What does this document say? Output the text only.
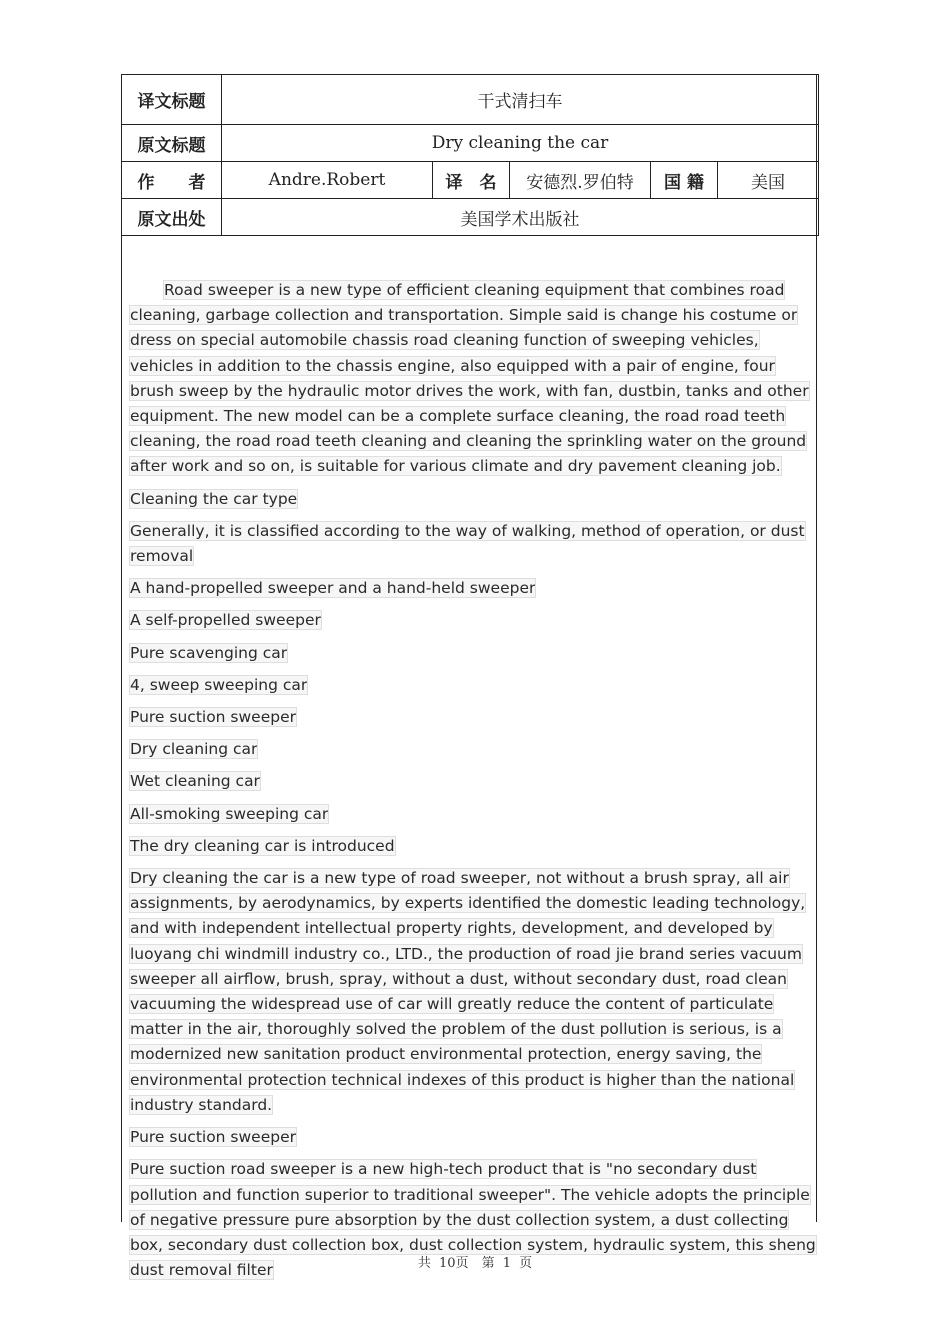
译文标题	干式清扫车				
原文标题	Dry cleaning the car				
作　　者	Andre.Robert	译　名	安德烈.罗伯特	国 籍	美国
原文出处	美国学术出版社				

Road sweeper is a new type of efficient cleaning equipment that combines road cleaning, garbage collection and transportation. Simple said is change his costume or dress on special automobile chassis road cleaning function of sweeping vehicles, vehicles in addition to the chassis engine, also equipped with a pair of engine, four brush sweep by the hydraulic motor drives the work, with fan, dustbin, tanks and other equipment. The new model can be a complete surface cleaning, the road road teeth cleaning, the road road teeth cleaning and cleaning the sprinkling water on the ground after work and so on, is suitable for various climate and dry pavement cleaning job.

Cleaning the car type

Generally, it is classified according to the way of walking, method of operation, or dust removal

A hand-propelled sweeper and a hand-held sweeper

A self-propelled sweeper

Pure scavenging car

4, sweep sweeping car

Pure suction sweeper

Dry cleaning car

Wet cleaning car

All-smoking sweeping car

The dry cleaning car is introduced

Dry cleaning the car is a new type of road sweeper, not without a brush spray, all air assignments, by aerodynamics, by experts identified the domestic leading technology, and with independent intellectual property rights, development, and developed by luoyang chi windmill industry co., LTD., the production of road jie brand series vacuum sweeper all airflow, brush, spray, without a dust, without secondary dust, road clean vacuuming the widespread use of car will greatly reduce the content of particulate matter in the air, thoroughly solved the problem of the dust pollution is serious, is a modernized new sanitation product environmental protection, energy saving, the environmental protection technical indexes of this product is higher than the national industry standard.

Pure suction sweeper

Pure suction road sweeper is a new high-tech product that is "no secondary dust pollution and function superior to traditional sweeper". The vehicle adopts the principle of negative pressure pure absorption by the dust collection system, a dust collecting box, secondary dust collection box, dust collection system, hydraulic system, this sheng dust removal filter	共 10页　第 1 页
